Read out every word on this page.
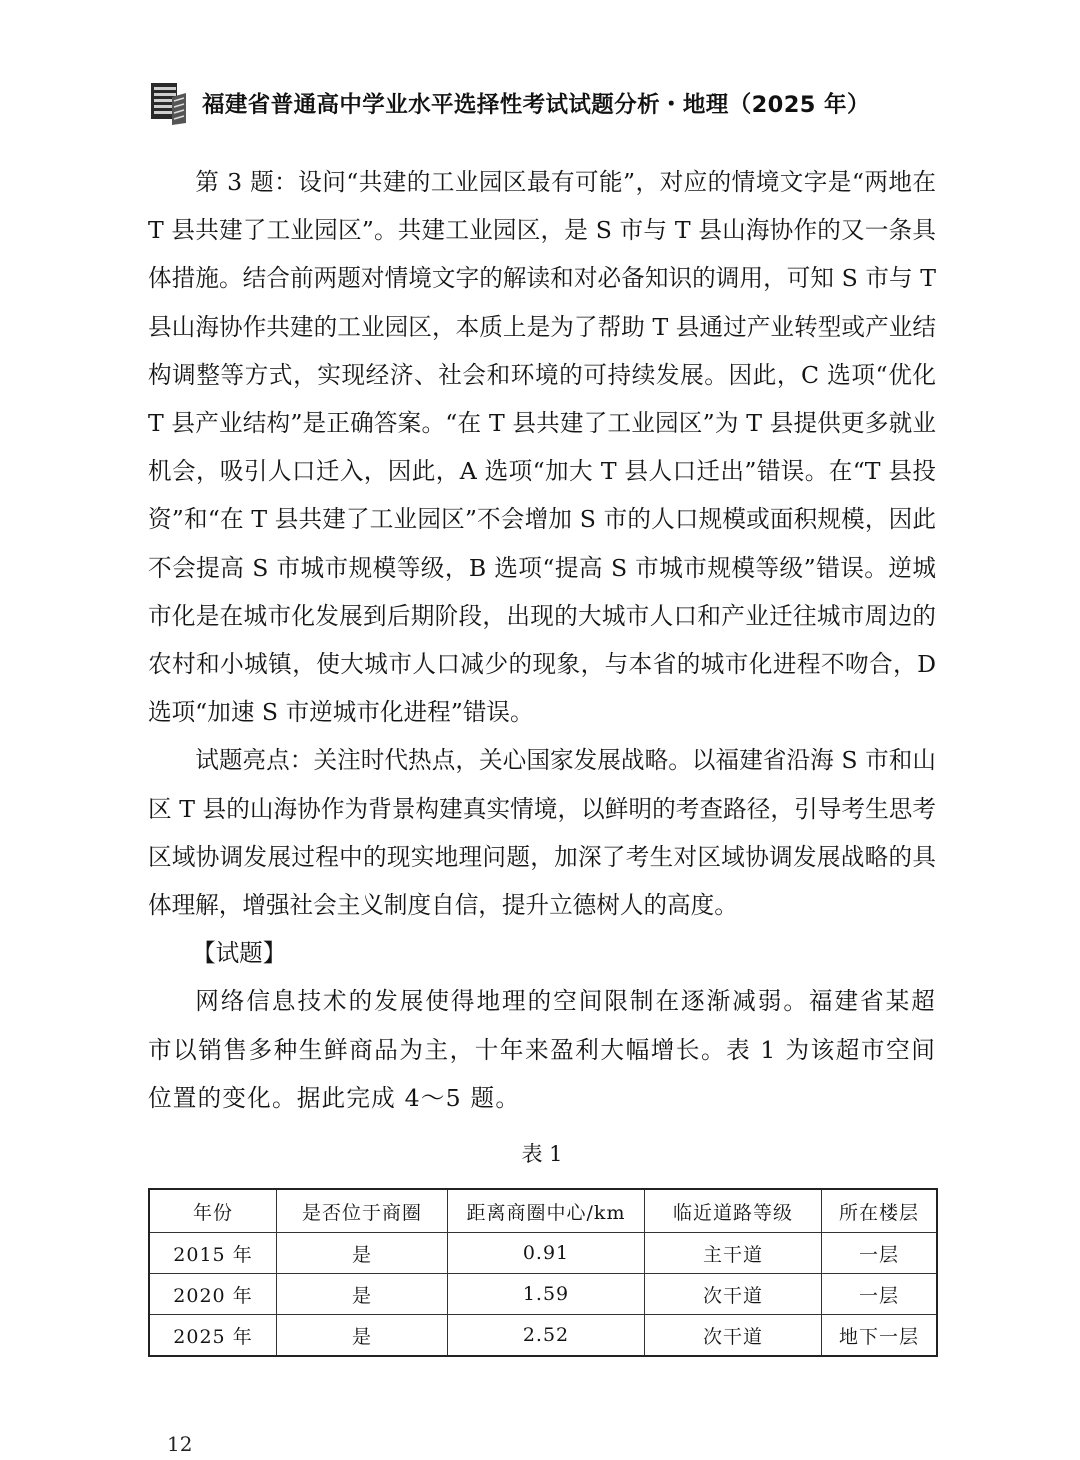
福建省普通高中学业水平选择性考试试题分析・地理（2025 年）

第 3 题：设问“共建的工业园区最有可能”，对应的情境文字是“两地在 T 县共建了工业园区”。共建工业园区，是 S 市与 T 县山海协作的又一条具体措施。结合前两题对情境文字的解读和对必备知识的调用，可知 S 市与 T 县山海协作共建的工业园区，本质上是为了帮助 T 县通过产业转型或产业结构调整等方式，实现经济、社会和环境的可持续发展。因此，C 选项“优化 T 县产业结构”是正确答案。“在 T 县共建了工业园区”为 T 县提供更多就业机会，吸引人口迁入，因此，A 选项“加大 T 县人口迁出”错误。在“T 县投资”和“在 T 县共建了工业园区”不会增加 S 市的人口规模或面积规模，因此不会提高 S 市城市规模等级，B 选项“提高 S 市城市规模等级”错误。逆城市化是在城市化发展到后期阶段，出现的大城市人口和产业迁往城市周边的农村和小城镇，使大城市人口减少的现象，与本省的城市化进程不吻合，D 选项“加速 S 市逆城市化进程”错误。

试题亮点：关注时代热点，关心国家发展战略。以福建省沿海 S 市和山区 T 县的山海协作为背景构建真实情境，以鲜明的考查路径，引导考生思考区域协调发展过程中的现实地理问题，加深了考生对区域协调发展战略的具体理解，增强社会主义制度自信，提升立德树人的高度。

【试题】

网络信息技术的发展使得地理的空间限制在逐渐减弱。福建省某超市以销售多种生鲜商品为主，十年来盈利大幅增长。表 1 为该超市空间位置的变化。据此完成 4～5 题。

表 1
年份	是否位于商圈	距离商圈中心/km	临近道路等级	所在楼层
2015 年	是	0.91	主干道	一层
2020 年	是	1.59	次干道	一层
2025 年	是	2.52	次干道	地下一层
12
